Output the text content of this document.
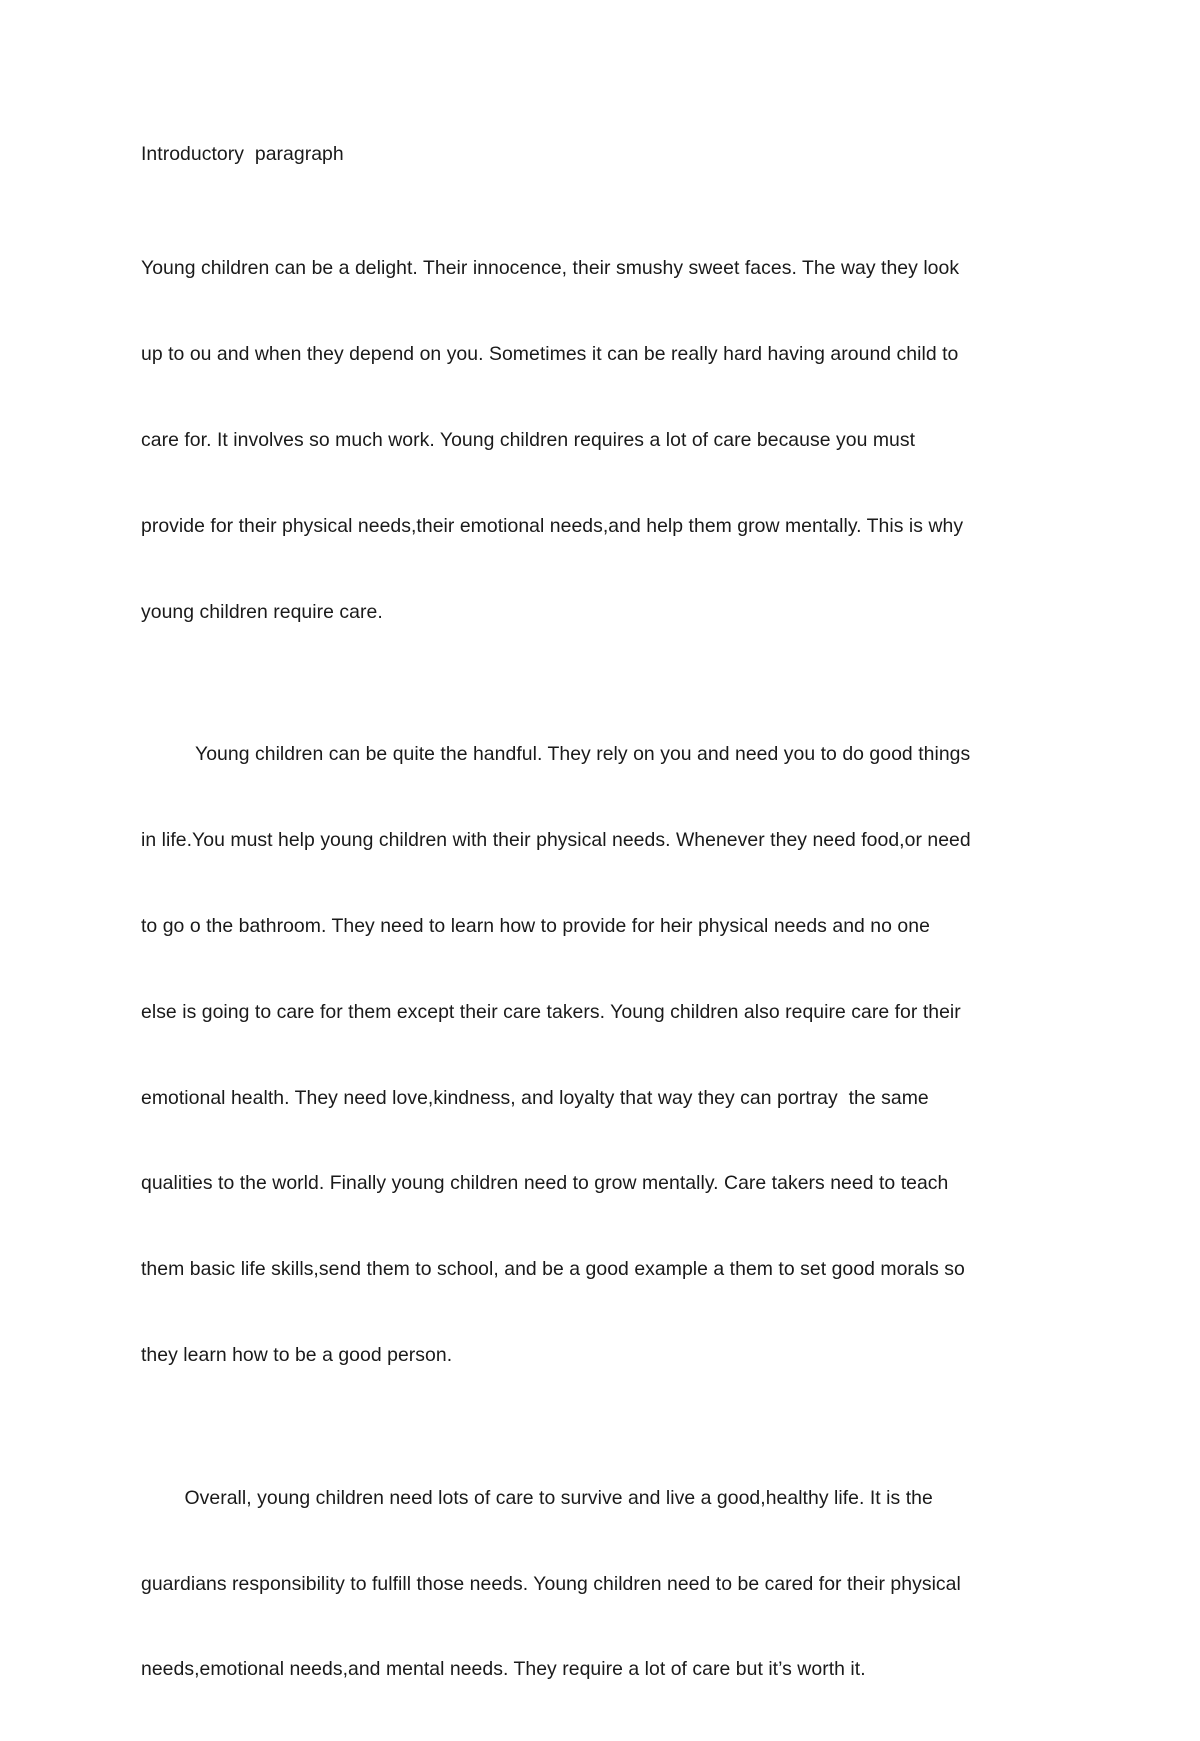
Introductory  paragraph

Young children can be a delight. Their innocence, their smushy sweet faces. The way they look

up to ou and when they depend on you. Sometimes it can be really hard having around child to

care for. It involves so much work. Young children requires a lot of care because you must

provide for their physical needs,their emotional needs,and help them grow mentally. This is why

young children require care.

Young children can be quite the handful. They rely on you and need you to do good things

in life.You must help young children with their physical needs. Whenever they need food,or need

to go o the bathroom. They need to learn how to provide for heir physical needs and no one

else is going to care for them except their care takers. Young children also require care for their

emotional health. They need love,kindness, and loyalty that way they can portray  the same

qualities to the world. Finally young children need to grow mentally. Care takers need to teach

them basic life skills,send them to school, and be a good example a them to set good morals so

they learn how to be a good person.

Overall, young children need lots of care to survive and live a good,healthy life. It is the

guardians responsibility to fulfill those needs. Young children need to be cared for their physical

needs,emotional needs,and mental needs. They require a lot of care but it’s worth it.
